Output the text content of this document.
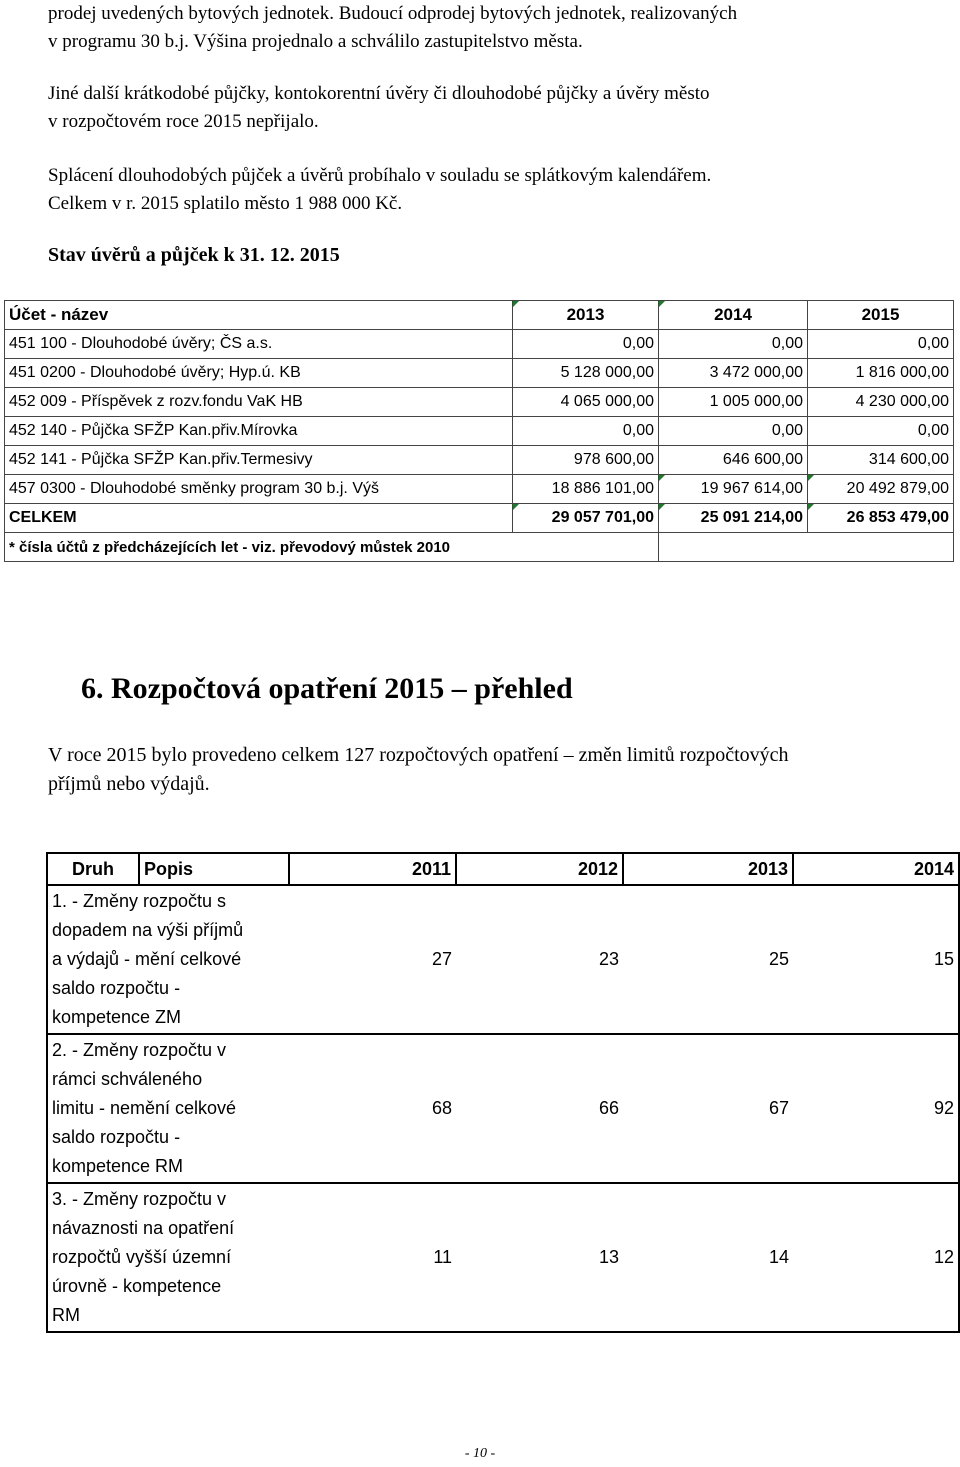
prodej uvedených bytových jednotek. Budoucí odprodej bytových jednotek, realizovaných
v programu 30 b.j. Výšina projednalo a schválilo zastupitelstvo města.
Jiné další krátkodobé půjčky, kontokorentní úvěry či dlouhodobé půjčky a úvěry město
v rozpočtovém roce 2015 nepřijalo.
Splácení dlouhodobých půjček a úvěrů probíhalo v souladu se splátkovým kalendářem.
Celkem v r. 2015 splatilo město 1 988 000 Kč.
Stav úvěrů a půjček k 31. 12. 2015
Účet - název	2013	2014	2015
451 100 - Dlouhodobé úvěry; ČS a.s.	0,00	0,00	0,00
451 0200 - Dlouhodobé úvěry; Hyp.ú. KB	5 128 000,00	3 472 000,00	1 816 000,00
452 009 - Příspěvek z rozv.fondu VaK HB	4 065 000,00	1 005 000,00	4 230 000,00
452 140 - Půjčka SFŽP Kan.přiv.Mírovka	0,00	0,00	0,00
452 141 - Půjčka SFŽP Kan.přiv.Termesivy	978 600,00	646 600,00	314 600,00
457 0300 - Dlouhodobé směnky program 30 b.j. Výš	18 886 101,00	19 967 614,00	20 492 879,00
CELKEM	29 057 701,00	25 091 214,00	26 853 479,00
* čísla účtů z předcházejících let - viz. převodový můstek 2010			
6. Rozpočtová opatření 2015 – přehled
V roce 2015 bylo provedeno celkem 127 rozpočtových opatření – změn limitů rozpočtových
příjmů nebo výdajů.
Druh	Popis	2011	2012	2013	2014

1. - Změny rozpočtu s
dopadem na výši příjmů
a výdajů - mění celkové
saldo rozpočtu -
kompetence ZM		27	23	25	15

2. - Změny rozpočtu v
rámci schváleného
limitu - nemění celkové
saldo rozpočtu -
kompetence RM		68	66	67	92

3. - Změny rozpočtu v
návaznosti na opatření
rozpočtů vyšší územní
úrovně - kompetence
RM		11	13	14	12
- 10 -
